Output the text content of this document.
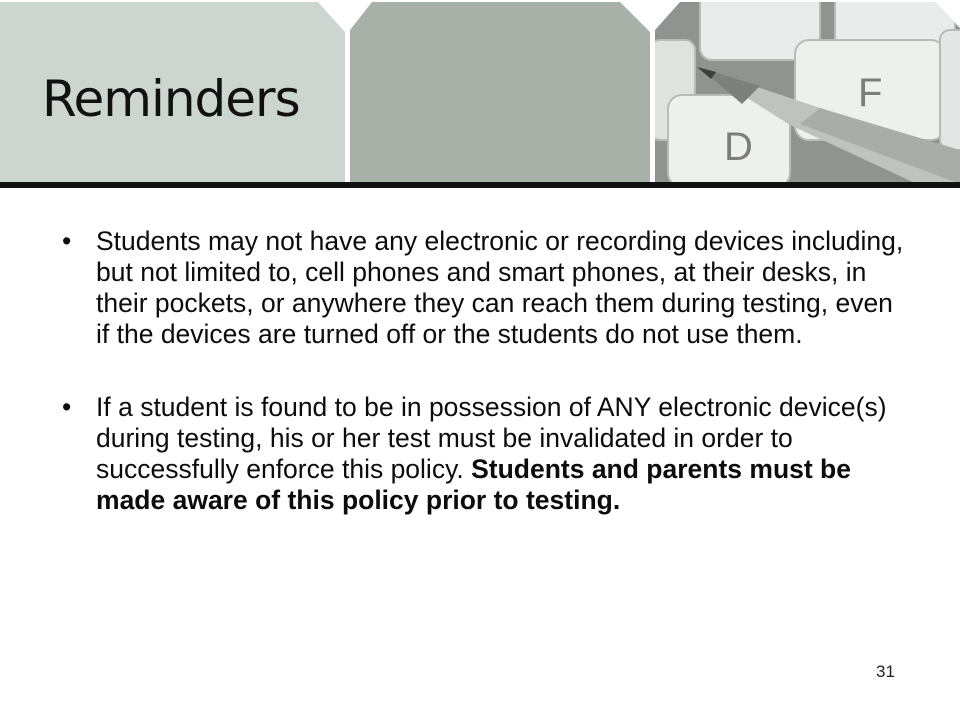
D
F
Reminders

• Students may not have any electronic or recording devices including, but not limited to, cell phones and smart phones, at their desks, in their pockets, or anywhere they can reach them during testing, even if the devices are turned off or the students do not use them.

• If a student is found to be in possession of ANY electronic device(s) during testing, his or her test must be invalidated in order to successfully enforce this policy. Students and parents must be made aware of this policy prior to testing.

31
